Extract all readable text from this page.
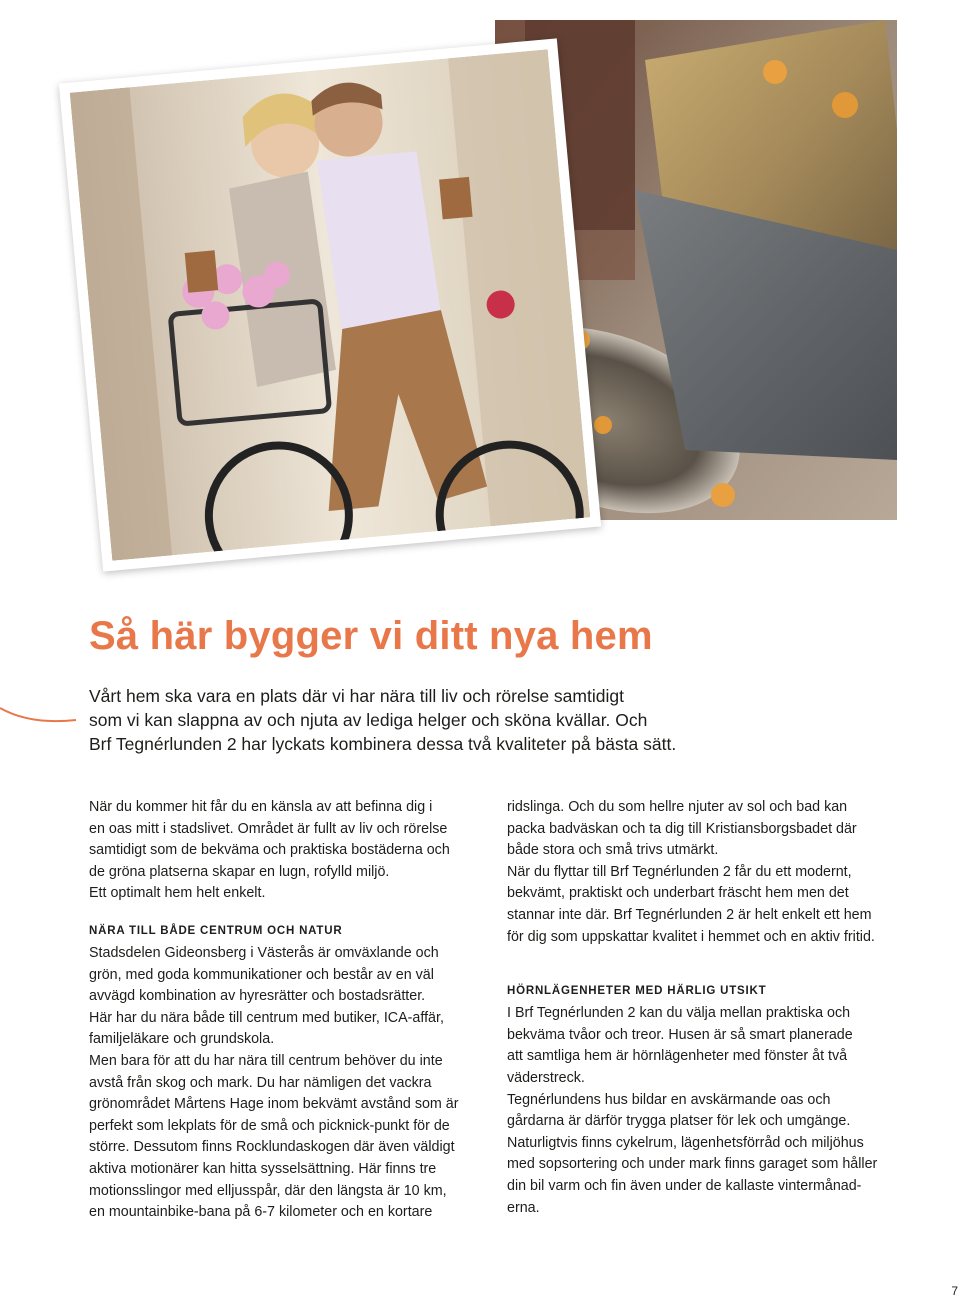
Så här bygger vi ditt nya hem

Vårt hem ska vara en plats där vi har nära till liv och rörelse samtidigt

som vi kan slappna av och njuta av lediga helger och sköna kvällar. Och

Brf Tegnérlunden 2 har lyckats kombinera dessa två kvaliteter på bästa sätt.

När du kommer hit får du en känsla av att befinna dig i

en oas mitt i stadslivet. Området är fullt av liv och rörelse

samtidigt som de bekväma och praktiska bostäderna och

de gröna platserna skapar en lugn, rofylld miljö.

Ett optimalt hem helt enkelt.

NÄRA TILL BÅDE CENTRUM OCH NATUR

Stadsdelen Gideonsberg i Västerås är omväxlande och

grön, med goda kommunikationer och består av en väl

avvägd kombination av hyresrätter och bostadsrätter.

Här har du nära både till centrum med butiker, ICA-affär,

familjeläkare och grundskola.

Men bara för att du har nära till centrum behöver du inte

avstå från skog och mark. Du har nämligen det vackra

grönområdet Mårtens Hage inom bekvämt avstånd som är

perfekt som lekplats för de små och picknick-punkt för de

större. Dessutom finns Rocklundaskogen där även väldigt

aktiva motionärer kan hitta sysselsättning. Här finns tre

motionsslingor med elljusspår, där den längsta är 10 km,

en mountainbike-bana på 6-7 kilometer och en kortare

ridslinga. Och du som hellre njuter av sol och bad kan

packa badväskan och ta dig till Kristiansborgsbadet där

både stora och små trivs utmärkt.

När du flyttar till Brf Tegnérlunden 2 får du ett modernt,

bekvämt, praktiskt och underbart fräscht hem men det

stannar inte där. Brf Tegnérlunden 2 är helt enkelt ett hem

för dig som uppskattar kvalitet i hemmet och en aktiv fritid.

HÖRNLÄGENHETER MED HÄRLIG UTSIKT

I Brf Tegnérlunden 2 kan du välja mellan praktiska och

bekväma tvåor och treor. Husen är så smart planerade

att samtliga hem är hörnlägenheter med fönster åt två

väderstreck.

Tegnérlundens hus bildar en avskärmande oas och

gårdarna är därför trygga platser för lek och umgänge.

Naturligtvis finns cykelrum, lägenhetsförråd och miljöhus

med sopsortering och under mark finns garaget som håller

din bil varm och fin även under de kallaste vintermånad-

erna.

7
